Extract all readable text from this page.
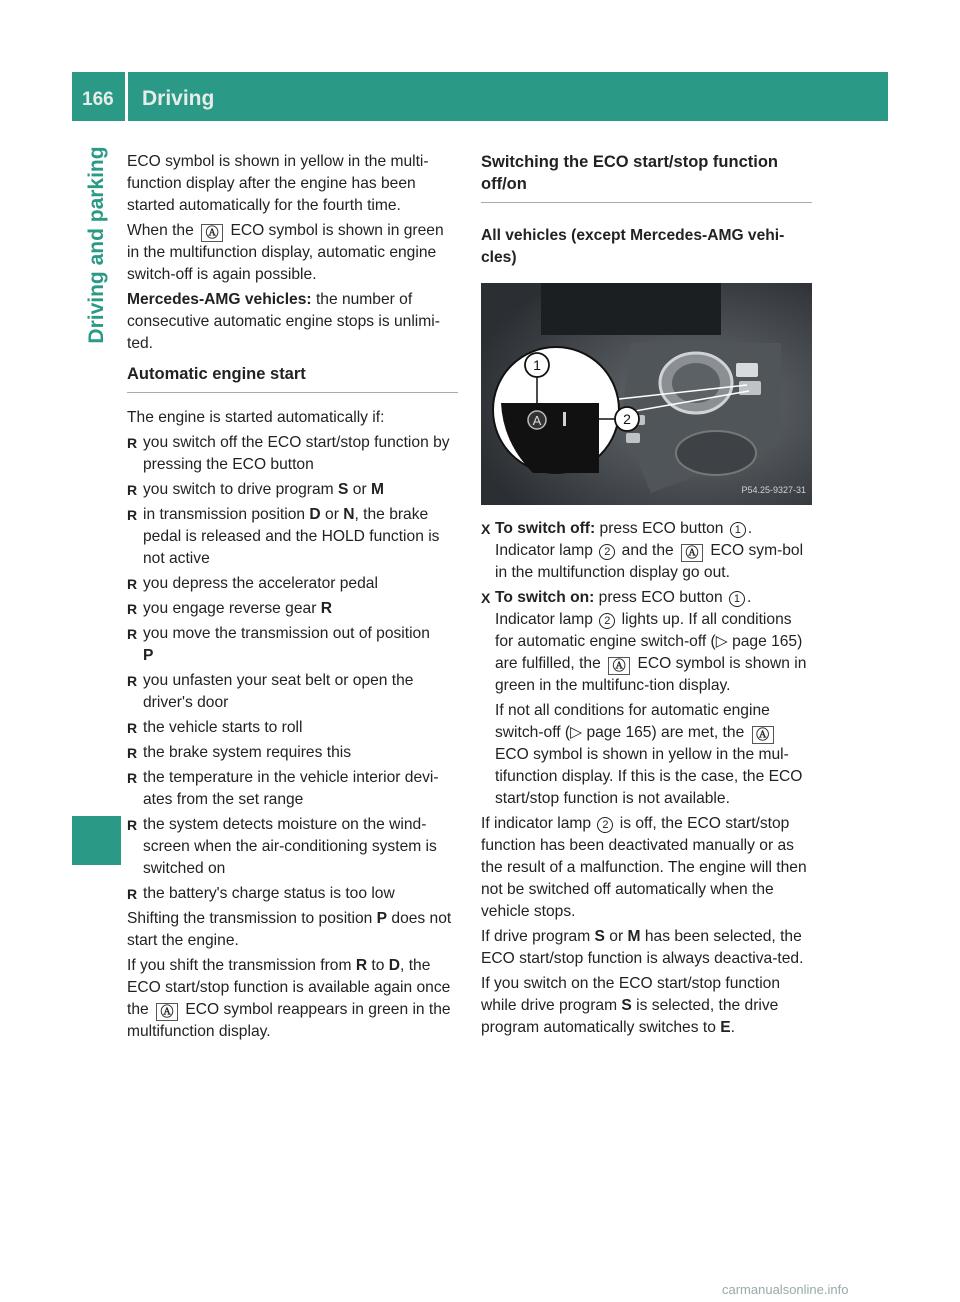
166 Driving
Driving and parking ECO symbol is shown in yellow in the multi-function display after the engine has been started automatically for the fourth time.

When the Ⓐ ECO symbol is shown in green in the multifunction display, automatic engine switch-off is again possible.

Mercedes-AMG vehicles: the number of consecutive automatic engine stops is unlimi-ted.

Automatic engine start

The engine is started automatically if:

R you switch off the ECO start/stop function by pressing the ECO button
R you switch to drive program S or M
R in transmission position D or N, the brake pedal is released and the HOLD function is not active
R you depress the accelerator pedal
R you engage reverse gear R
R you move the transmission out of position
P
R you unfasten your seat belt or open the driver's door
R the vehicle starts to roll
R the brake system requires this
R the temperature in the vehicle interior devi-ates from the set range
R the system detects moisture on the wind-screen when the air-conditioning system is switched on
R the battery's charge status is too low

Shifting the transmission to position P does not start the engine.

If you shift the transmission from R to D, the ECO start/stop function is available again once the Ⓐ ECO symbol reappears in green in the multifunction display.

Switching the ECO start/stop function off/on
All vehicles (except Mercedes-AMG vehi-cles)
A
1
2
P54.25-9327-31
X To switch off: press ECO button 1 . Indicator lamp 2 and the Ⓐ ECO sym-bol in the multifunction display go out.

X To switch on: press ECO button 1 . Indicator lamp 2 lights up. If all conditions for automatic engine switch-off (▷ page 165) are fulfilled, the Ⓐ ECO symbol is shown in green in the multifunc-tion display.

If not all conditions for automatic engine switch-off (▷ page 165) are met, the Ⓐ ECO symbol is shown in yellow in the mul-tifunction display. If this is the case, the ECO start/stop function is not available.

If indicator lamp 2 is off, the ECO start/stop function has been deactivated manually or as the result of a malfunction. The engine will then not be switched off automatically when the vehicle stops.

If drive program S or M has been selected, the ECO start/stop function is always deactiva-ted.

If you switch on the ECO start/stop function while drive program S is selected, the drive program automatically switches to E.

carmanualsonline.info
